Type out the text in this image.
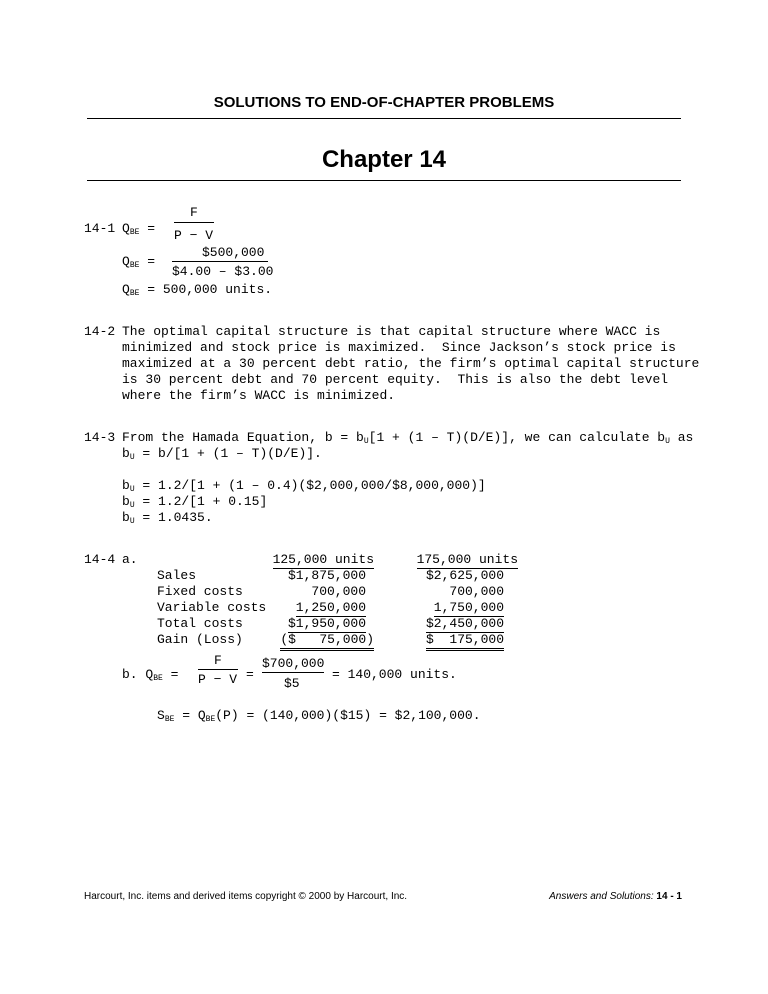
SOLUTIONS TO END-OF-CHAPTER PROBLEMS
Chapter 14
14-1 $Q_{BE}$ =
F
P − V
$500,000
$Q_{BE}$ =
$4.00 – $3.00
$Q_{BE} = 500,000$ units.
14-2 The optimal capital structure is that capital structure where WACC is
minimized and stock price is maximized.  Since Jackson’s stock price is
maximized at a 30 percent debt ratio, the firm’s optimal capital structure
is 30 percent debt and 70 percent equity.  This is also the debt level
where the firm’s WACC is minimized.
14-3 From the Hamada Equation, $b = b_U[1 + (1 - T)(D/E)]$, we can calculate $b_U$ as
$b_U = b/[1 + (1 - T)(D/E)]$.
$b_U = 1.2/[1 + (1$ – 0.4)($2,000,000/$8,000,000)]
$b_U = 1.2/[1 + 0.15]$
$b_U = 1.0435$.
14-4 a.	125,000 units	175,000 units
Sales	$1,875,000	$2,625,000
Fixed costs	700,000	700,000
Variable costs	1,250,000	1,750,000
Total costs	$1,950,000	$2,450,000
Gain (Loss)	($   75,000)	$  175,000
b. $Q_{BE}$ =
F
P − V =
$700,000
$5
= 140,000 units.
$S_{BE} = Q_{BE}(P)$ = (140,000)($15) = $2,100,000.
Harcourt, Inc. items and derived items copyright © 2000 by Harcourt, Inc.	Answers and Solutions: 14 - 1
